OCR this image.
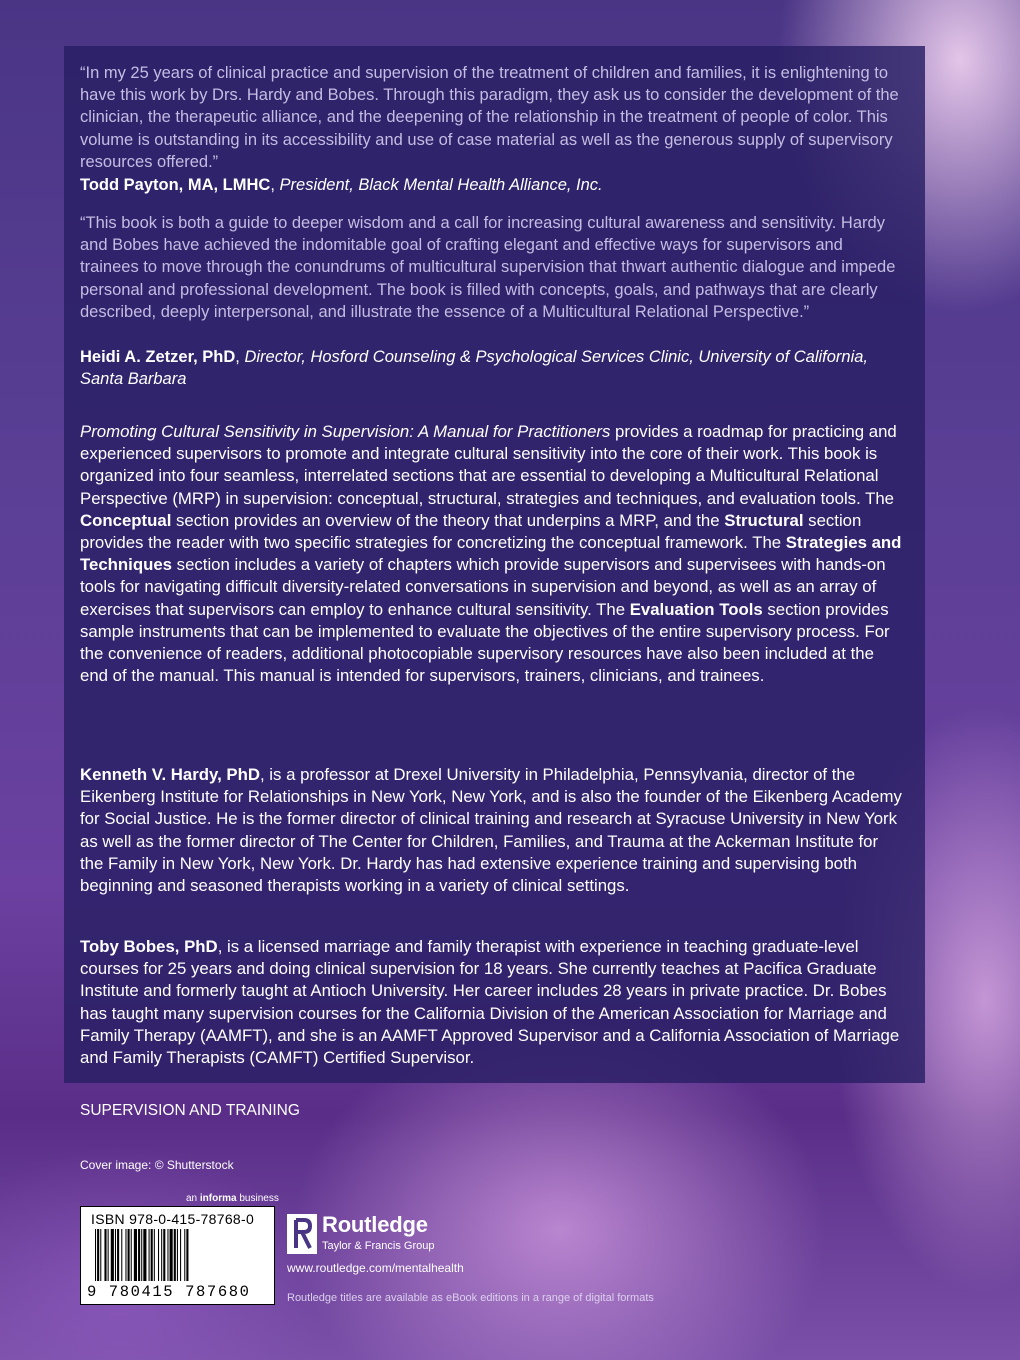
“In my 25 years of clinical practice and supervision of the treatment of children and families, it is enlightening to have this work by Drs. Hardy and Bobes. Through this paradigm, they ask us to consider the development of the clinician, the therapeutic alliance, and the deepening of the relationship in the treatment of people of color. This volume is outstanding in its accessibility and use of case material as well as the generous supply of supervisory resources offered.”

Todd Payton, MA, LMHC, President, Black Mental Health Alliance, Inc.

“This book is both a guide to deeper wisdom and a call for increasing cultural awareness and sensitivity. Hardy and Bobes have achieved the indomitable goal of crafting elegant and effective ways for supervisors and trainees to move through the conundrums of multicultural supervision that thwart authentic dialogue and impede personal and professional development. The book is filled with concepts, goals, and pathways that are clearly described, deeply interpersonal, and illustrate the essence of a Multicultural Relational Perspective.”

Heidi A. Zetzer, PhD, Director, Hosford Counseling & Psychological Services Clinic, University of California, Santa Barbara

Promoting Cultural Sensitivity in Supervision: A Manual for Practitioners provides a roadmap for practicing and experienced supervisors to promote and integrate cultural sensitivity into the core of their work. This book is organized into four seamless, interrelated sections that are essential to developing a Multicultural Relational Perspective (MRP) in supervision: conceptual, structural, strategies and techniques, and evaluation tools. The Conceptual section provides an overview of the theory that underpins a MRP, and the Structural section provides the reader with two specific strategies for concretizing the conceptual framework. The Strategies and Techniques section includes a variety of chapters which provide supervisors and supervisees with hands-on tools for navigating difficult diversity-related conversations in supervision and beyond, as well as an array of exercises that supervisors can employ to enhance cultural sensitivity. The Evaluation Tools section provides sample instruments that can be implemented to evaluate the objectives of the entire supervisory process. For the convenience of readers, additional photocopiable supervisory resources have also been included at the end of the manual. This manual is intended for supervisors, trainers, clinicians, and trainees.

Kenneth V. Hardy, PhD, is a professor at Drexel University in Philadelphia, Pennsylvania, director of the Eikenberg Institute for Relationships in New York, New York, and is also the founder of the Eikenberg Academy for Social Justice. He is the former director of clinical training and research at Syracuse University in New York as well as the former director of The Center for Children, Families, and Trauma at the Ackerman Institute for the Family in New York, New York. Dr. Hardy has had extensive experience training and supervising both beginning and seasoned therapists working in a variety of clinical settings.

Toby Bobes, PhD, is a licensed marriage and family therapist with experience in teaching graduate-level courses for 25 years and doing clinical supervision for 18 years. She currently teaches at Pacifica Graduate Institute and formerly taught at Antioch University. Her career includes 28 years in private practice. Dr. Bobes has taught many supervision courses for the California Division of the American Association for Marriage and Family Therapy (AAMFT), and she is an AAMFT Approved Supervisor and a California Association of Marriage and Family Therapists (CAMFT) Certified Supervisor.

SUPERVISION AND TRAINING
Cover image: © Shutterstock
an informa business
ISBN 978-0-415-78768-0
9 780415 787680
Routledge
Taylor & Francis Group
www.routledge.com/mentalhealth
Routledge titles are available as eBook editions in a range of digital formats
